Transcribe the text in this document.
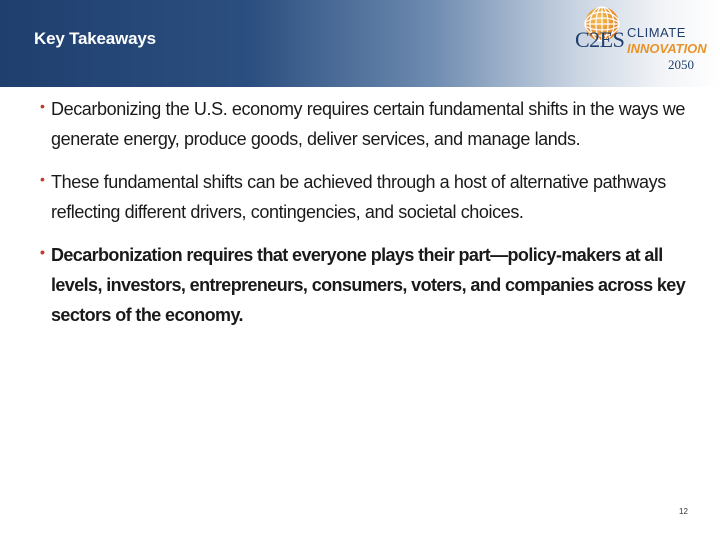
Key Takeaways	C2ES CLIMATE
INNOVATION
2050
• Decarbonizing the U.S. economy requires certain fundamental shifts in the ways we generate energy, produce goods, deliver services, and manage lands.
• These fundamental shifts can be achieved through a host of alternative pathways reflecting different drivers, contingencies, and societal choices.
• Decarbonization requires that everyone plays their part—policy-makers at all levels, investors, entrepreneurs, consumers, voters, and companies across key sectors of the economy.
12
